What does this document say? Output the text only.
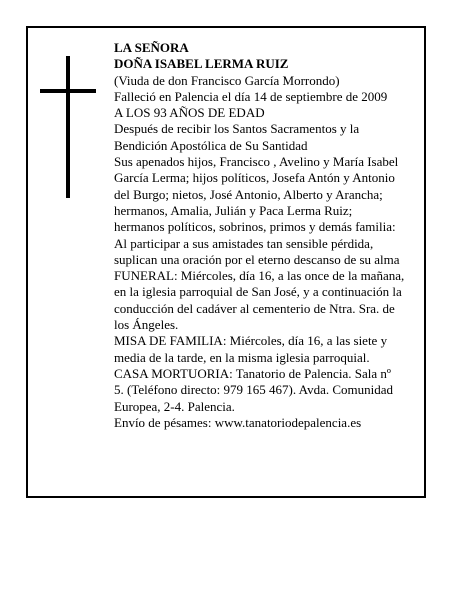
LA SEÑORA
DOÑA ISABEL LERMA RUIZ
(Viuda de don Francisco García Morrondo)
Falleció en Palencia el día 14 de septiembre de 2009
A LOS 93 AÑOS DE EDAD
Después de recibir los Santos Sacramentos y la
Bendición Apostólica de Su Santidad
Sus apenados hijos, Francisco , Avelino y María Isabel
García Lerma; hijos políticos, Josefa Antón y Antonio
del Burgo; nietos, José Antonio, Alberto y Arancha;
hermanos, Amalia, Julián y Paca Lerma Ruiz;
hermanos políticos, sobrinos, primos y demás familia:
Al participar a sus amistades tan sensible pérdida,
suplican una oración por el eterno descanso de su alma
FUNERAL: Miércoles, día 16, a las once de la mañana,
en la iglesia parroquial de San José, y a continuación la
conducción del cadáver al cementerio de Ntra. Sra. de
los Ángeles.
MISA DE FAMILIA: Miércoles, día 16, a las siete y
media de la tarde, en la misma iglesia parroquial.
CASA MORTUORIA: Tanatorio de Palencia. Sala nº
5. (Teléfono directo: 979 165 467). Avda. Comunidad
Europea, 2-4. Palencia.
Envío de pésames: www.tanatoriodepalencia.es
